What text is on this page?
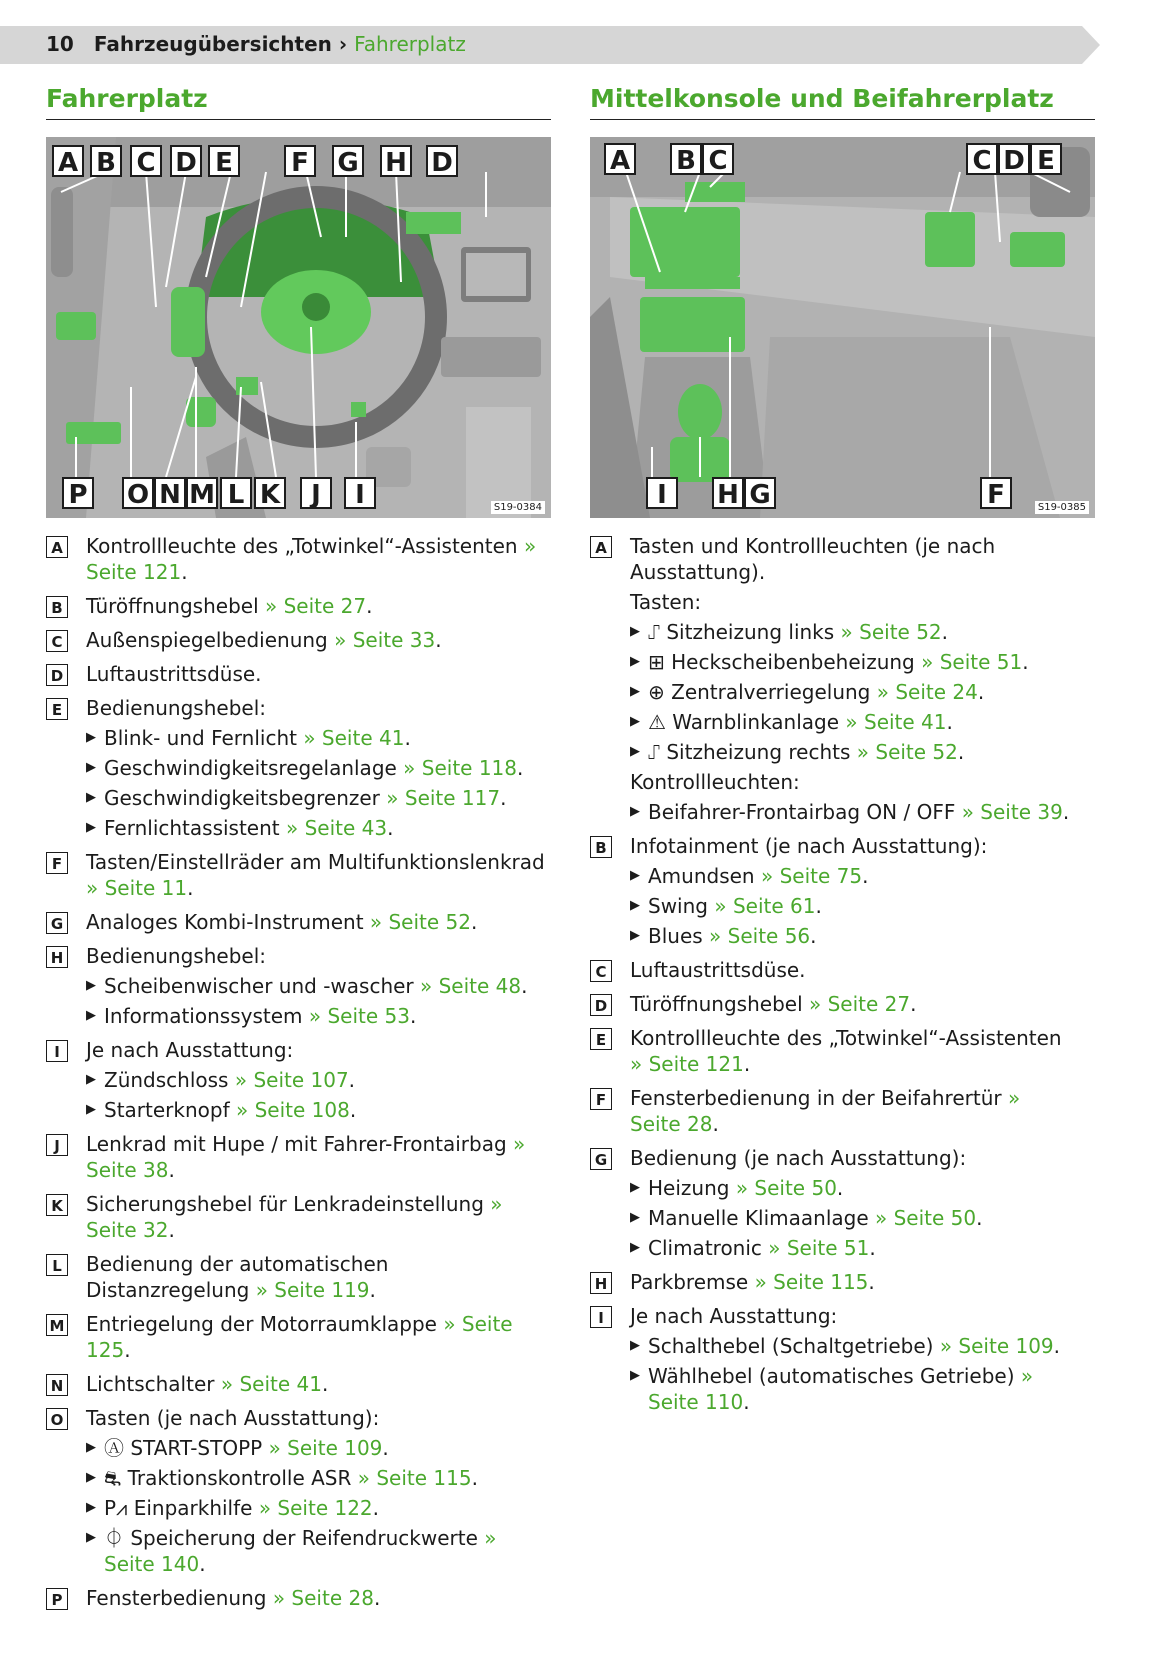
10 Fahrzeugübersichten › Fahrerplatz
Fahrerplatz	Mittelkonsole und Beifahrerplatz
A B C D E F G H D
P O N M L K	J	I	S19-0384
A B C	C D E
I	H G	F	S19-0385
A Kontrollleuchte des „Totwinkel“-Assistenten » Seite 121.
B Türöffnungshebel » Seite 27.
C Außenspiegelbedienung » Seite 33.
D Luftaustrittsdüse.
E Bedienungshebel:
▶ Blink- und Fernlicht » Seite 41.
▶ Geschwindigkeitsregelanlage » Seite 118.
▶ Geschwindigkeitsbegrenzer » Seite 117.
▶ Fernlichtassistent » Seite 43.
F Tasten/Einstellräder am Multifunktionslenkrad » Seite 11.
G Analoges Kombi-Instrument » Seite 52.
H Bedienungshebel:
▶ Scheibenwischer und -wascher » Seite 48.
▶ Informationssystem » Seite 53.
I	Je nach Ausstattung:
▶ Zündschloss » Seite 107.
▶ Starterknopf » Seite 108.
J	Lenkrad mit Hupe / mit Fahrer-Frontairbag » Seite 38.
K Sicherungshebel für Lenkradeinstellung » Seite 32.
L	Bedienung der automatischen Distanzregelung » Seite 119.
M Entriegelung der Motorraumklappe » Seite 125.
N Lichtschalter » Seite 41.
O Tasten (je nach Ausstattung):
▶ Ⓐ START-STOPP » Seite 109.
▶ ⛐ Traktionskontrolle ASR » Seite 115.
▶ P⩘ Einparkhilfe » Seite 122.
▶ ⏀ Speicherung der Reifendruckwerte » Seite 140.
P Fensterbedienung » Seite 28.
A Tasten und Kontrollleuchten (je nach Ausstattung).
Tasten:
▶ ⑀ Sitzheizung links » Seite 52.
▶ ⊞ Heckscheibenbeheizung » Seite 51.
▶ ⊕ Zentralverriegelung » Seite 24.
▶ ⚠ Warnblinkanlage » Seite 41.
▶ ⑀ Sitzheizung rechts » Seite 52.
Kontrollleuchten:
▶ Beifahrer-Frontairbag ON / OFF » Seite 39.
B Infotainment (je nach Ausstattung):
▶ Amundsen » Seite 75.
▶ Swing » Seite 61.
▶ Blues » Seite 56.
C Luftaustrittsdüse.
D Türöffnungshebel » Seite 27.
E Kontrollleuchte des „Totwinkel“-Assistenten » Seite 121.
F Fensterbedienung in der Beifahrertür » Seite 28.
G Bedienung (je nach Ausstattung):
▶ Heizung » Seite 50.
▶ Manuelle Klimaanlage » Seite 50.
▶ Climatronic » Seite 51.
H Parkbremse » Seite 115.
I	Je nach Ausstattung:
▶ Schalthebel (Schaltgetriebe) » Seite 109.
▶ Wählhebel (automatisches Getriebe) » Seite 110.
